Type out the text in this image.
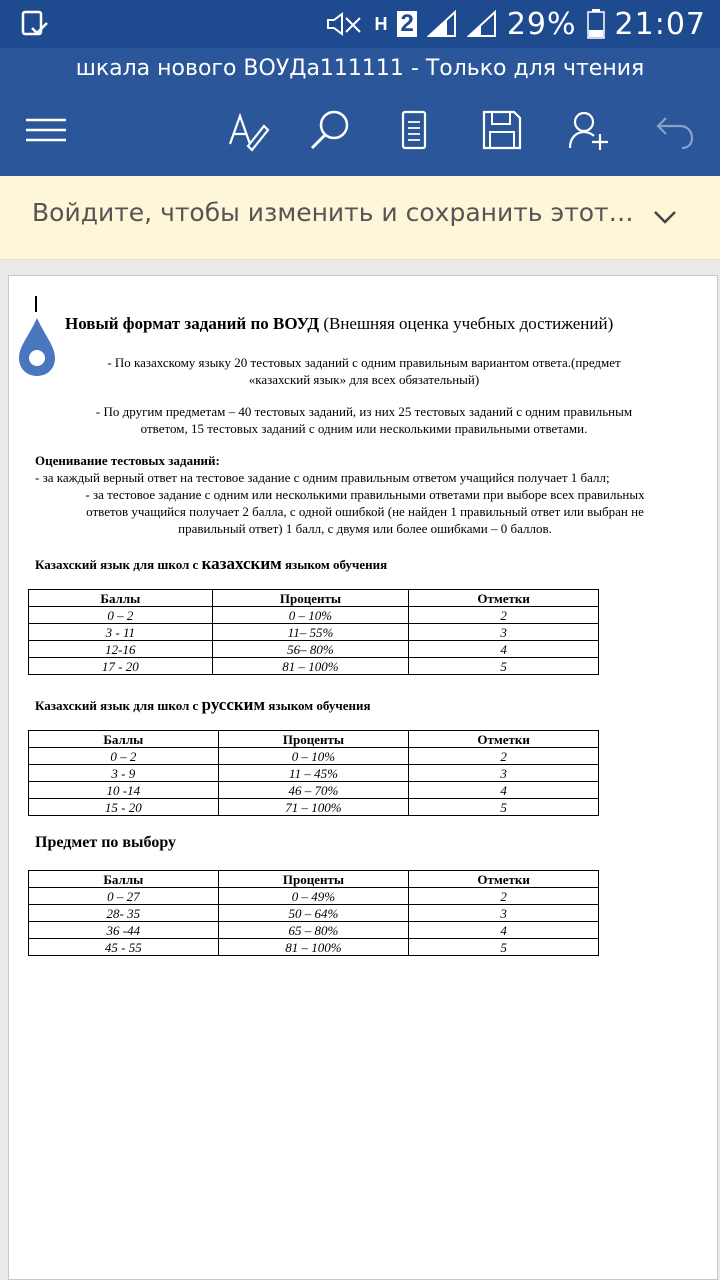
H 2	29% 21:07
шкала нового ВОУДа111111 - Только для чтения
Войдите, чтобы изменить и сохранить этот…
Новый формат заданий по ВОУД (Внешняя оценка учебных достижений)
- По казахскому языку 20 тестовых заданий с одним правильным вариантом ответа.(предмет
«казахский язык» для всех обязательный)
- По другим предметам – 40 тестовых заданий, из них 25 тестовых заданий с одним правильным
ответом, 15 тестовых заданий с одним или несколькими правильными ответами.
Оценивание тестовых заданий:
- за каждый верный ответ на тестовое задание с одним правильным ответом учащийся получает 1 балл;
- за тестовое задание с одним или несколькими правильными ответами при выборе всех правильных
ответов учащийся получает 2 балла, с одной ошибкой (не найден 1 правильный ответ или выбран не
правильный ответ) 1 балл, с двумя или более ошибками – 0 баллов.
Казахский язык для школ с казахским языком обучения
Баллы	Проценты	Отметки
0 – 2	0 – 10%	2
3 - 11	11– 55%	3
12-16	56– 80%	4
17 - 20	81 – 100%	5
Казахский язык для школ с русским языком обучения
Баллы	Проценты	Отметки
0 – 2	0 – 10%	2
3 - 9	11 – 45%	3
10 -14	46 – 70%	4
15 - 20	71 – 100%	5
Предмет по выбору
Баллы	Проценты	Отметки
0 – 27	0 – 49%	2
28- 35	50 – 64%	3
36 -44	65 – 80%	4
45 - 55	81 – 100%	5
